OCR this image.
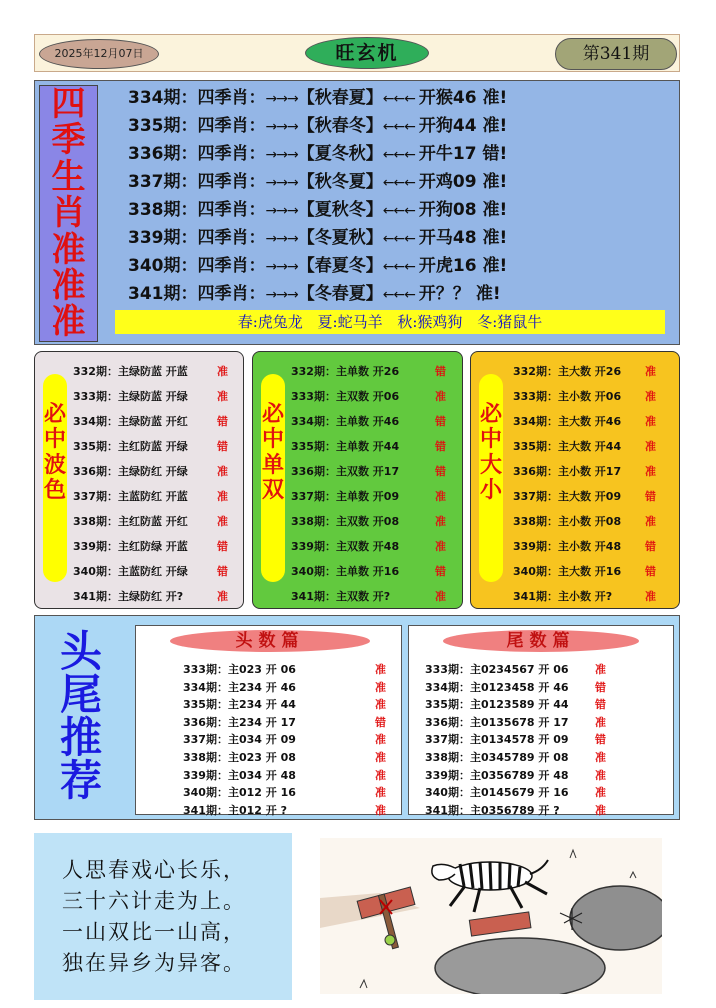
2025年12月07日	旺玄机	第341期
四
季
生
肖
准
准
准
334期：四季肖：→→→【秋春夏】←←← 开猴46 准!
335期：四季肖：→→→【秋春冬】←←← 开狗44 准!
336期：四季肖：→→→【夏冬秋】←←← 开牛17 错!
337期：四季肖：→→→【秋冬夏】←←← 开鸡09 准!
338期：四季肖：→→→【夏秋冬】←←← 开狗08 准!
339期：四季肖：→→→【冬夏秋】←←← 开马48 准!
340期：四季肖：→→→【春夏冬】←←← 开虎16 准!
341期：四季肖：→→→【冬春夏】←←← 开？？ 准!
春:虎兔龙 夏:蛇马羊 秋:猴鸡狗 冬:猪鼠牛
必
中
波
色
332期：主绿防蓝 开蓝	准
333期：主绿防蓝 开绿	准
334期：主绿防蓝 开红	错
335期：主红防蓝 开绿	错
336期：主绿防红 开绿	准
337期：主蓝防红 开蓝	准
338期：主红防蓝 开红	准
339期：主红防绿 开蓝	错
340期：主蓝防红 开绿	错
341期：主绿防红 开?	准
必
中
单
双
332期：主单数 开26	错
333期：主双数 开06	准
334期：主单数 开46	错
335期：主单数 开44	错
336期：主双数 开17	错
337期：主单数 开09	准
338期：主双数 开08	准
339期：主双数 开48	准
340期：主单数 开16	错
341期：主双数 开?	准
必
中
大
小
332期：主大数 开26 准
333期：主小数 开06 准
334期：主大数 开46 准
335期：主大数 开44 准
336期：主小数 开17 准
337期：主大数 开09 错
338期：主小数 开08 准
339期：主小数 开48 错
340期：主大数 开16 错
341期：主小数 开?	准
头
尾
推
荐
头数篇
333期：主023 开 06	准
334期：主234 开 46	准
335期：主234 开 44	准
336期：主234 开 17	错
337期：主034 开 09	准
338期：主023 开 08	准
339期：主034 开 48	准
340期：主012 开 16	准
341期：主012 开 ?	准
尾数篇
333期：主0234567 开 06 准
334期：主0123458 开 46 错
335期：主0123589 开 44 错
336期：主0135678 开 17 准
337期：主0134578 开 09 错
338期：主0345789 开 08 准
339期：主0356789 开 48 准
340期：主0145679 开 16 准
341期：主0356789 开 ?	准
人思春戏心长乐，
三十六计走为上。
一山双比一山高，
独在异乡为异客。
